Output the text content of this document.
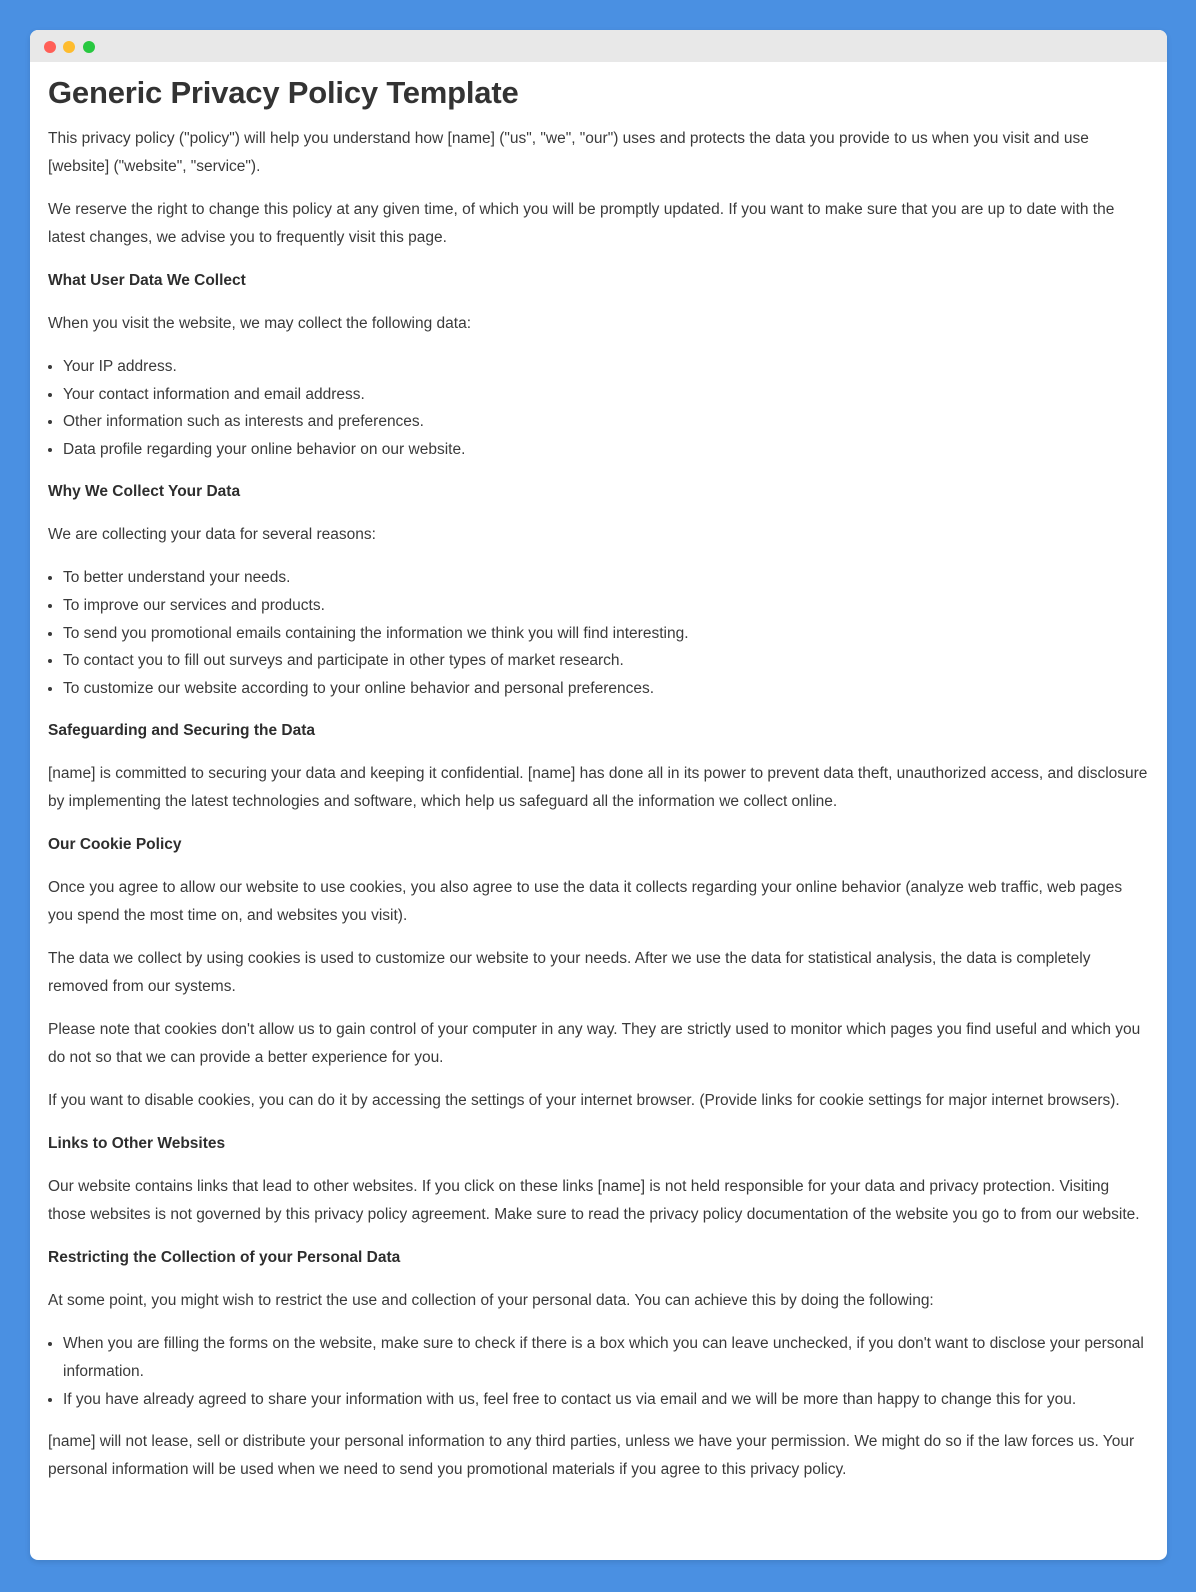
Generic Privacy Policy Template

This privacy policy ("policy") will help you understand how [name] ("us", "we", "our") uses and protects the data you provide to us when you visit and use [website] ("website", "service").

We reserve the right to change this policy at any given time, of which you will be promptly updated. If you want to make sure that you are up to date with the latest changes, we advise you to frequently visit this page.

What User Data We Collect

When you visit the website, we may collect the following data:

• Your IP address.
• Your contact information and email address.
• Other information such as interests and preferences.
• Data profile regarding your online behavior on our website.
Why We Collect Your Data

We are collecting your data for several reasons:

• To better understand your needs.
• To improve our services and products.
• To send you promotional emails containing the information we think you will find interesting.
• To contact you to fill out surveys and participate in other types of market research.
• To customize our website according to your online behavior and personal preferences.
Safeguarding and Securing the Data

[name] is committed to securing your data and keeping it confidential. [name] has done all in its power to prevent data theft, unauthorized access, and disclosure by implementing the latest technologies and software, which help us safeguard all the information we collect online.

Our Cookie Policy

Once you agree to allow our website to use cookies, you also agree to use the data it collects regarding your online behavior (analyze web traffic, web pages you spend the most time on, and websites you visit).

The data we collect by using cookies is used to customize our website to your needs. After we use the data for statistical analysis, the data is completely removed from our systems.

Please note that cookies don't allow us to gain control of your computer in any way. They are strictly used to monitor which pages you find useful and which you do not so that we can provide a better experience for you.

If you want to disable cookies, you can do it by accessing the settings of your internet browser. (Provide links for cookie settings for major internet browsers).

Links to Other Websites

Our website contains links that lead to other websites. If you click on these links [name] is not held responsible for your data and privacy protection. Visiting those websites is not governed by this privacy policy agreement. Make sure to read the privacy policy documentation of the website you go to from our website.

Restricting the Collection of your Personal Data

At some point, you might wish to restrict the use and collection of your personal data. You can achieve this by doing the following:

• When you are filling the forms on the website, make sure to check if there is a box which you can leave unchecked, if you don't want to disclose your personal information.
• If you have already agreed to share your information with us, feel free to contact us via email and we will be more than happy to change this for you.

[name] will not lease, sell or distribute your personal information to any third parties, unless we have your permission. We might do so if the law forces us. Your personal information will be used when we need to send you promotional materials if you agree to this privacy policy.
